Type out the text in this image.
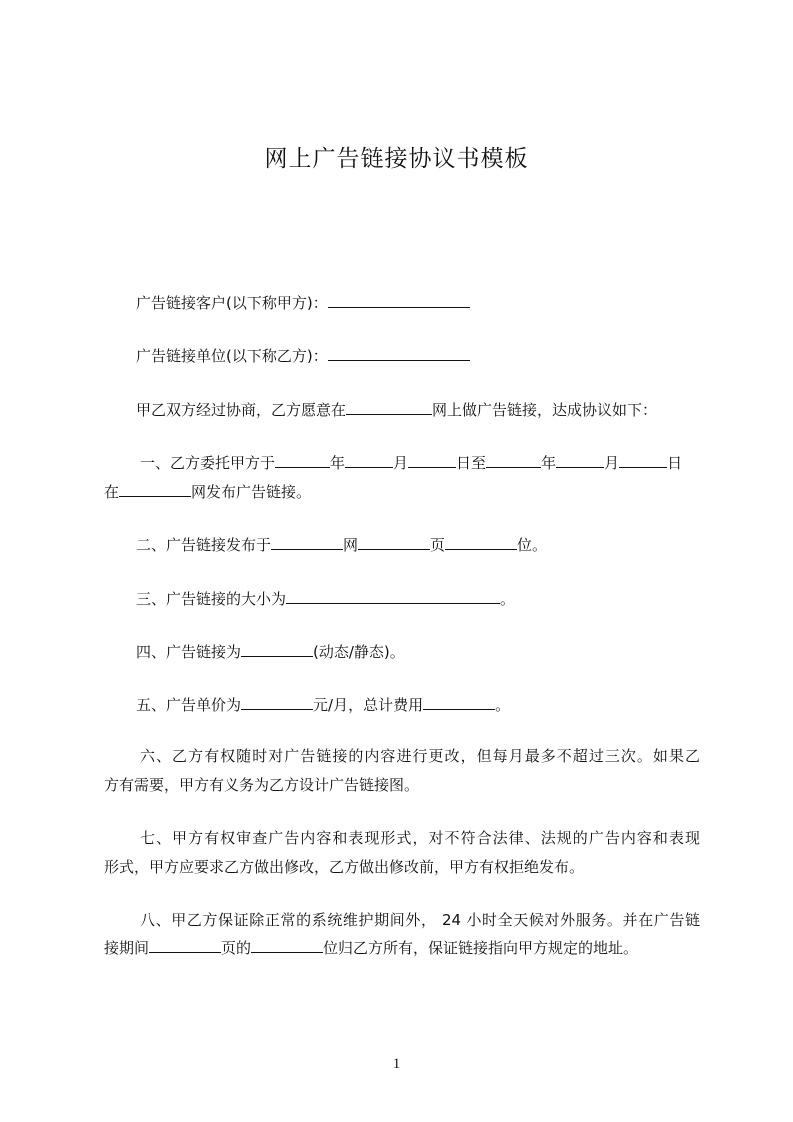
网上广告链接协议书模板
广告链接客户(以下称甲方)：
广告链接单位(以下称乙方)：
甲乙双方经过协商，乙方愿意在	网上做广告链接，达成协议如下：
一、乙方委托甲方于	年	月	日至	年	月	日
在	网发布广告链接。
二、广告链接发布于	网	页	位。
三、广告链接的大小为	。
四、广告链接为	(动态/静态)。
五、广告单价为	元/月，总计费用	。
六、乙方有权随时对广告链接的内容进行更改，但每月最多不超过三次。如果乙
方有需要，甲方有义务为乙方设计广告链接图。
七、甲方有权审查广告内容和表现形式，对不符合法律、法规的广告内容和表现
形式，甲方应要求乙方做出修改，乙方做出修改前，甲方有权拒绝发布。
八、甲乙方保证除正常的系统维护期间外， 24 小时全天候对外服务。并在广告链
接期间	页的	位归乙方所有，保证链接指向甲方规定的地址。
1
